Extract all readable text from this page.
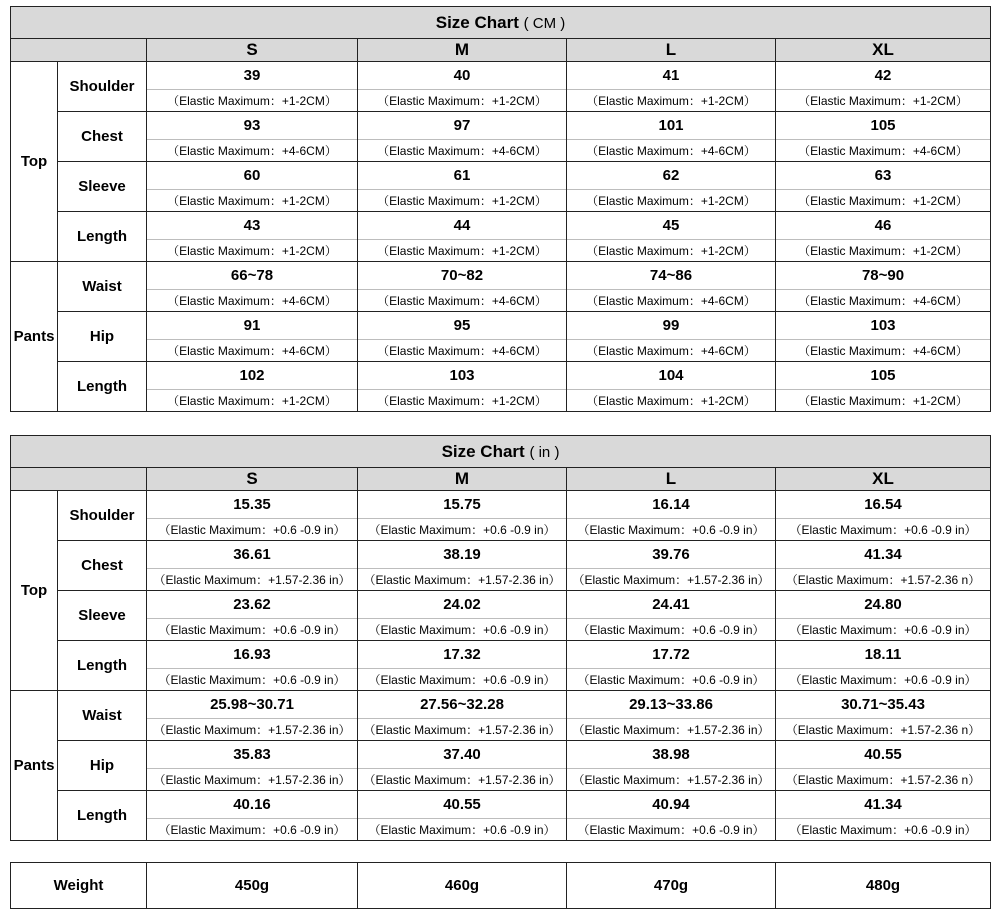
Size Chart ( CM )					
		S	M	L	XL
Top	Shoulder	39	40	41	42
		（Elastic Maximum：+1-2CM）	（Elastic Maximum：+1-2CM）	（Elastic Maximum：+1-2CM）	（Elastic Maximum：+1-2CM）
	Chest	93	97	101	105
		（Elastic Maximum：+4-6CM）	（Elastic Maximum：+4-6CM）	（Elastic Maximum：+4-6CM）	（Elastic Maximum：+4-6CM）
	Sleeve	60	61	62	63
		（Elastic Maximum：+1-2CM）	（Elastic Maximum：+1-2CM）	（Elastic Maximum：+1-2CM）	（Elastic Maximum：+1-2CM）
	Length	43	44	45	46
		（Elastic Maximum：+1-2CM）	（Elastic Maximum：+1-2CM）	（Elastic Maximum：+1-2CM）	（Elastic Maximum：+1-2CM）
Pants	Waist	66~78	70~82	74~86	78~90
		（Elastic Maximum：+4-6CM）	（Elastic Maximum：+4-6CM）	（Elastic Maximum：+4-6CM）	（Elastic Maximum：+4-6CM）
	Hip	91	95	99	103
		（Elastic Maximum：+4-6CM）	（Elastic Maximum：+4-6CM）	（Elastic Maximum：+4-6CM）	（Elastic Maximum：+4-6CM）
	Length	102	103	104	105
		（Elastic Maximum：+1-2CM）	（Elastic Maximum：+1-2CM）	（Elastic Maximum：+1-2CM）	（Elastic Maximum：+1-2CM）
Size Chart ( in )					
		S	M	L	XL
Top	Shoulder	15.35	15.75	16.14	16.54
		（Elastic Maximum：+0.6 -0.9 in）	（Elastic Maximum：+0.6 -0.9 in）	（Elastic Maximum：+0.6 -0.9 in）	（Elastic Maximum：+0.6 -0.9 in）
	Chest	36.61	38.19	39.76	41.34
		（Elastic Maximum：+1.57-2.36 in）	（Elastic Maximum：+1.57-2.36 in）	（Elastic Maximum：+1.57-2.36 in）	（Elastic Maximum：+1.57-2.36 n）
	Sleeve	23.62	24.02	24.41	24.80
		（Elastic Maximum：+0.6 -0.9 in）	（Elastic Maximum：+0.6 -0.9 in）	（Elastic Maximum：+0.6 -0.9 in）	（Elastic Maximum：+0.6 -0.9 in）
	Length	16.93	17.32	17.72	18.11
		（Elastic Maximum：+0.6 -0.9 in）	（Elastic Maximum：+0.6 -0.9 in）	（Elastic Maximum：+0.6 -0.9 in）	（Elastic Maximum：+0.6 -0.9 in）
Pants	Waist	25.98~30.71	27.56~32.28	29.13~33.86	30.71~35.43
		（Elastic Maximum：+1.57-2.36 in）	（Elastic Maximum：+1.57-2.36 in）	（Elastic Maximum：+1.57-2.36 in）	（Elastic Maximum：+1.57-2.36 n）
	Hip	35.83	37.40	38.98	40.55
		（Elastic Maximum：+1.57-2.36 in）	（Elastic Maximum：+1.57-2.36 in）	（Elastic Maximum：+1.57-2.36 in）	（Elastic Maximum：+1.57-2.36 n）
	Length	40.16	40.55	40.94	41.34
		（Elastic Maximum：+0.6 -0.9 in）	（Elastic Maximum：+0.6 -0.9 in）	（Elastic Maximum：+0.6 -0.9 in）	（Elastic Maximum：+0.6 -0.9 in）
Weight	450g	460g	470g	480g
